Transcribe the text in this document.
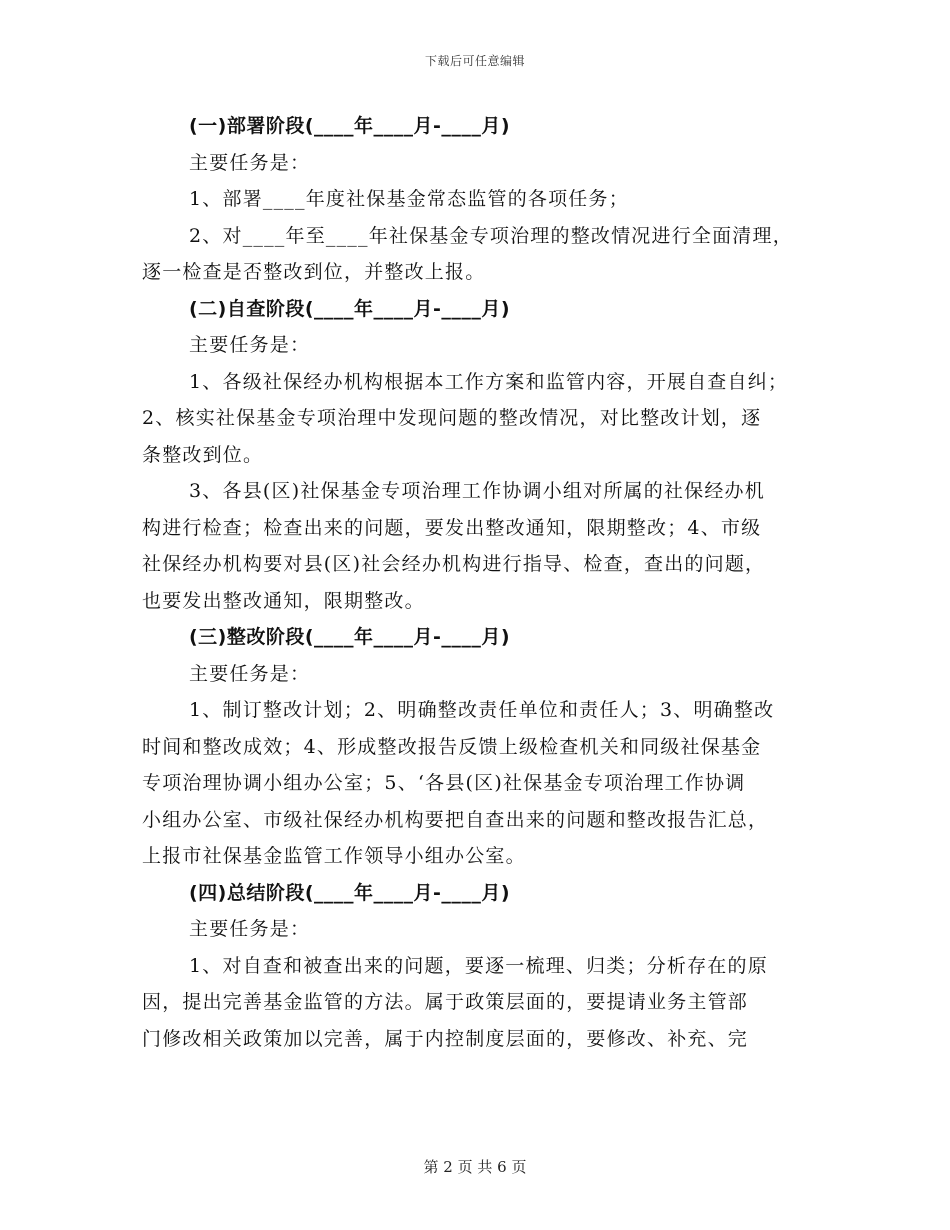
下载后可任意编辑
(一)部署阶段(____年____月-____月)
主要任务是：
1、部署____年度社保基金常态监管的各项任务；
2、对____年至____年社保基金专项治理的整改情况进行全面清理，
逐一检查是否整改到位，并整改上报。
(二)自查阶段(____年____月-____月)
主要任务是：
1、各级社保经办机构根据本工作方案和监管内容，开展自查自纠；
2、核实社保基金专项治理中发现问题的整改情况，对比整改计划，逐
条整改到位。
3、各县(区)社保基金专项治理工作协调小组对所属的社保经办机
构进行检查；检查出来的问题，要发出整改通知，限期整改；4、市级
社保经办机构要对县(区)社会经办机构进行指导、检查，查出的问题，
也要发出整改通知，限期整改。
(三)整改阶段(____年____月-____月)
主要任务是：
1、制订整改计划；2、明确整改责任单位和责任人；3、明确整改
时间和整改成效；4、形成整改报告反馈上级检查机关和同级社保基金
专项治理协调小组办公室；5、‘各县(区)社保基金专项治理工作协调
小组办公室、市级社保经办机构要把自查出来的问题和整改报告汇总，
上报市社保基金监管工作领导小组办公室。
(四)总结阶段(____年____月-____月)
主要任务是：
1、对自查和被查出来的问题，要逐一梳理、归类；分析存在的原
因，提出完善基金监管的方法。属于政策层面的，要提请业务主管部
门修改相关政策加以完善，属于内控制度层面的，要修改、补充、完
第 2 页 共 6 页
